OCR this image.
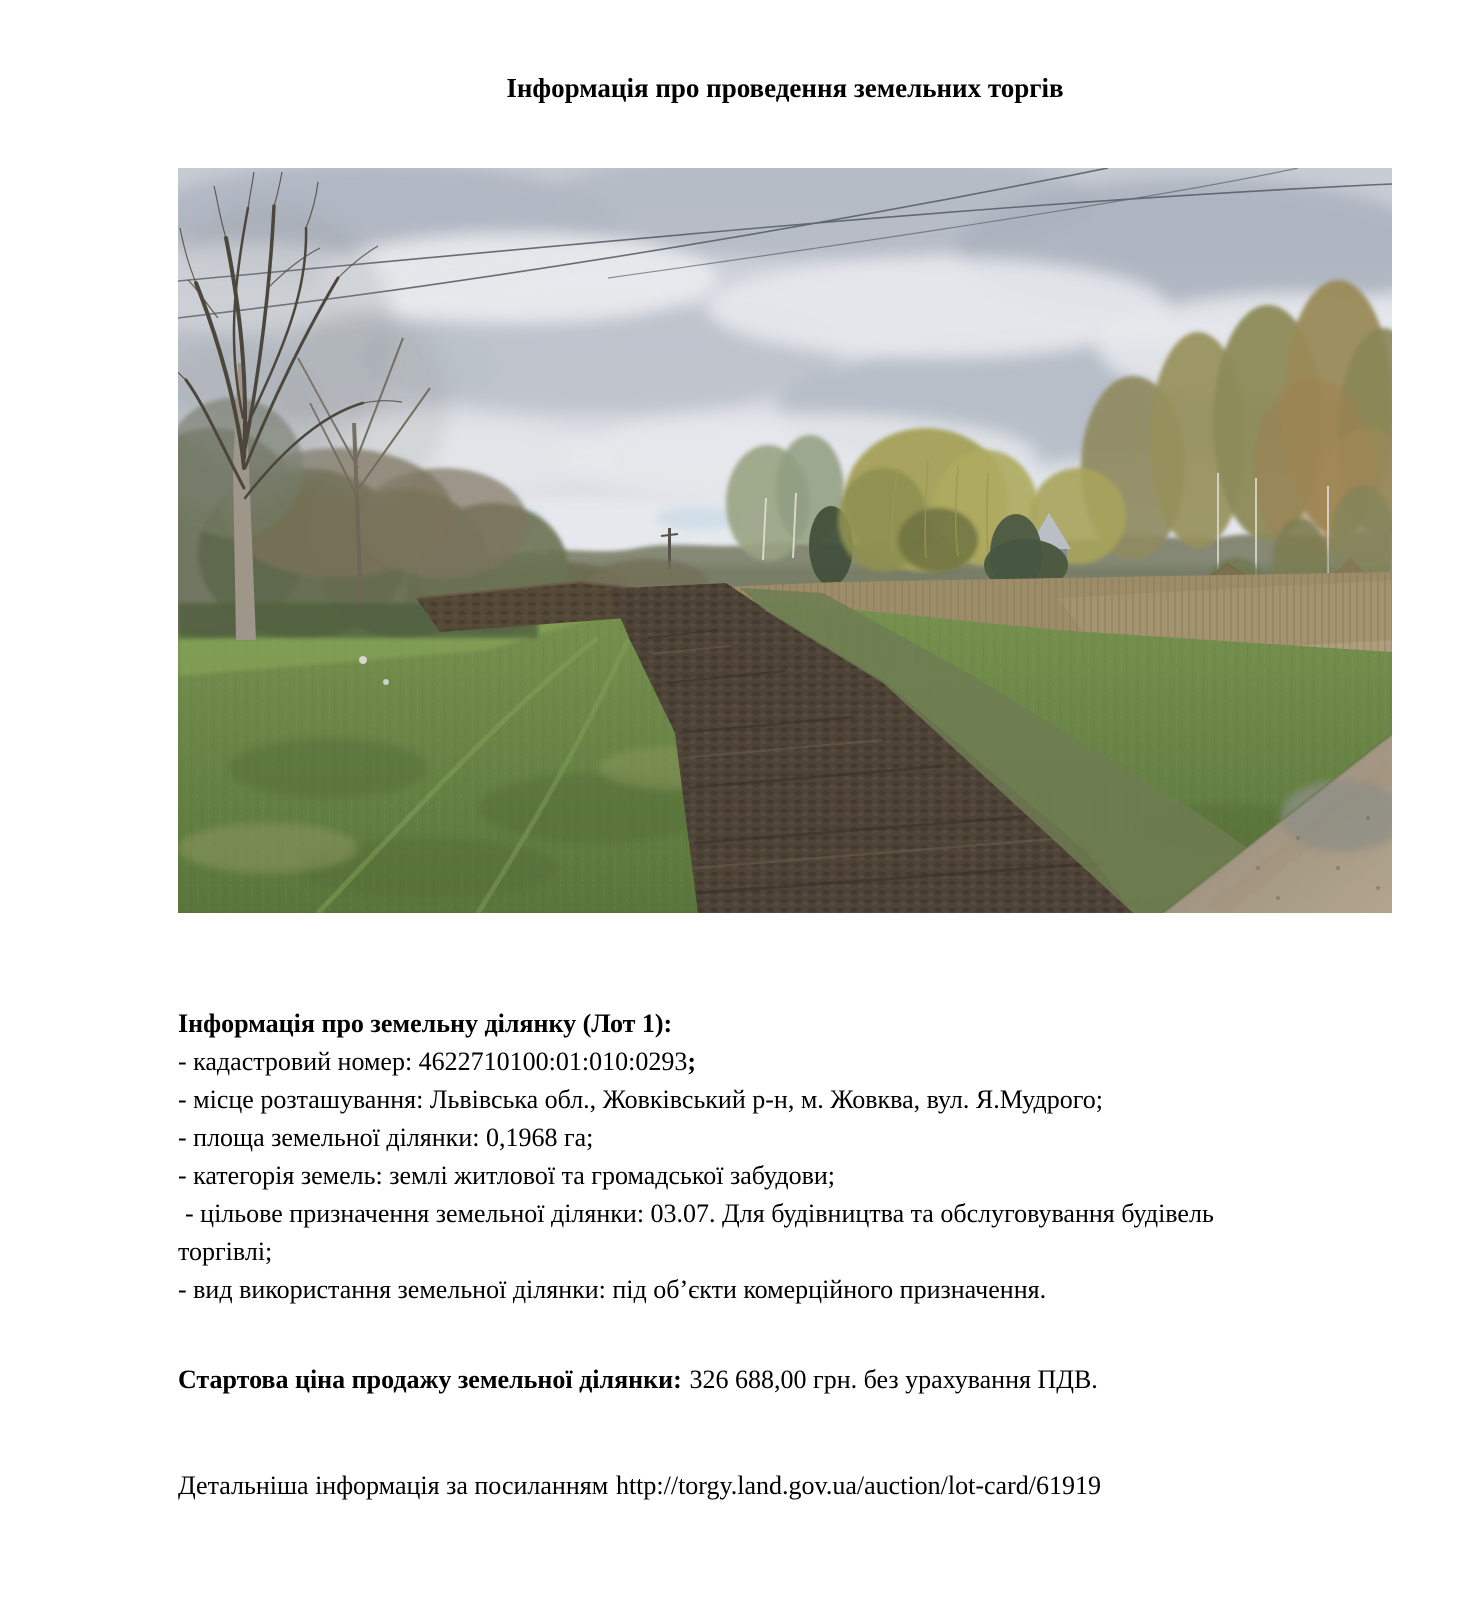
Інформація про проведення земельних торгів

Інформація про земельну ділянку (Лот 1):

- кадастровий номер: 4622710100:01:010:0293;

- місце розташування: Львівська обл., Жовківський р-н, м. Жовква, вул. Я.Мудрого;

- площа земельної ділянки: 0,1968 га;

- категорія земель: землі житлової та громадської забудови;

- цільове призначення земельної ділянки: 03.07. Для будівництва та обслуговування будівель

торгівлі;

- вид використання земельної ділянки: під об’єкти комерційного призначення.

Стартова ціна продажу земельної ділянки: 326 688,00 грн. без урахування ПДВ.

Детальніша інформація за посиланням http://torgy.land.gov.ua/auction/lot-card/61919
